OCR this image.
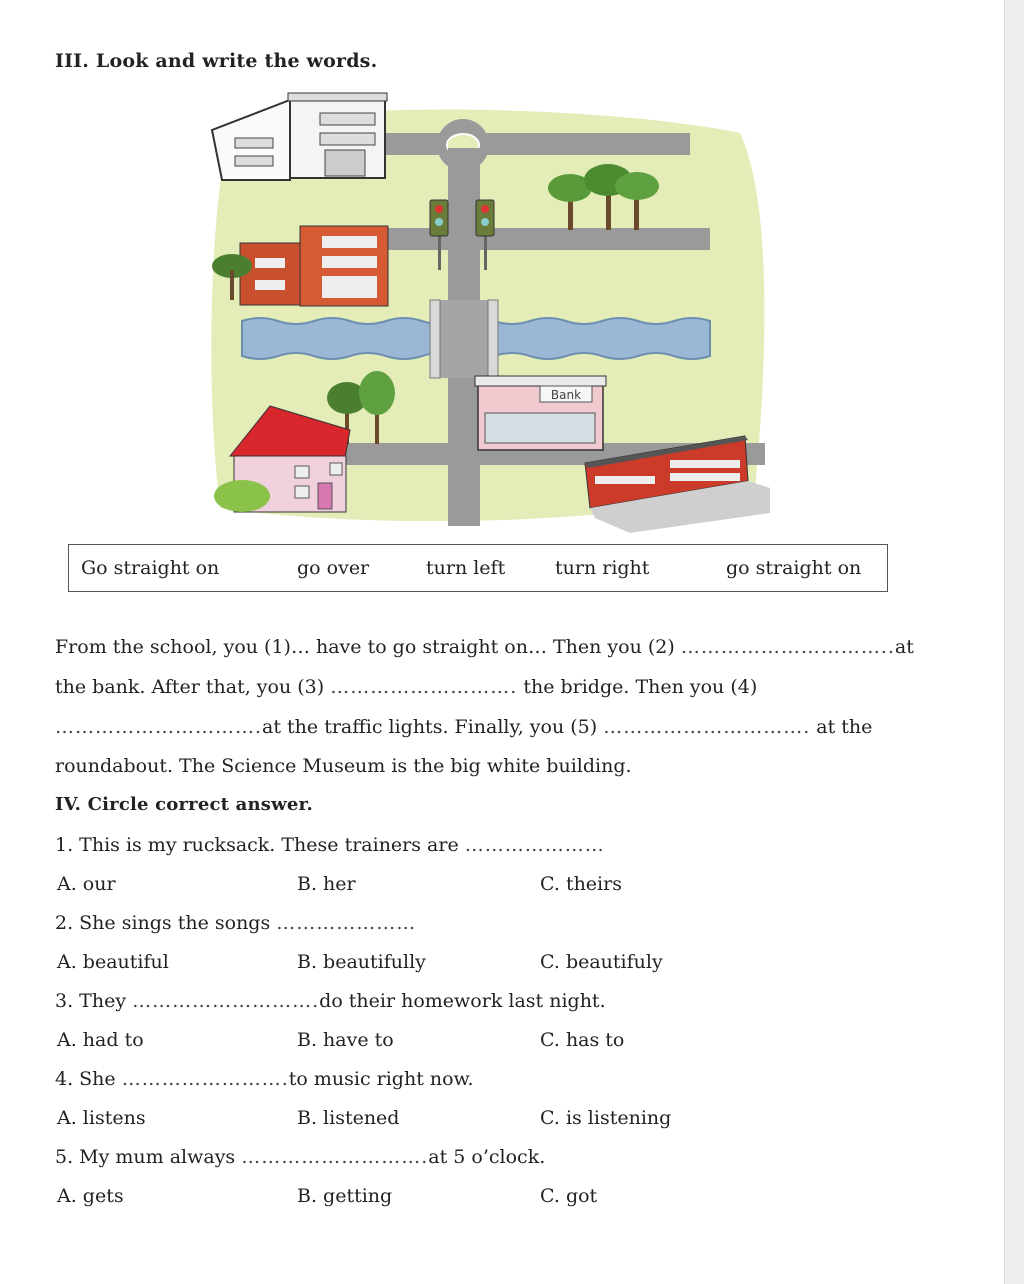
III. Look and write the words.
Bank
Go straight on	go over	turn left	turn right	go straight on
From the school, you (1)… have to go straight on… Then you (2) …………………………..at
the bank. After that, you (3) ………………………. the bridge. Then you (4)
………………………….at the traffic lights. Finally, you (5) …………………………. at the
roundabout. The Science Museum is the big white building.
IV. Circle correct answer.
1. This is my rucksack. These trainers are …………………
A. our	B. her	C. theirs
2. She sings the songs …………………
A. beautiful	B. beautifully	C. beautifuly
3. They ……………………….do their homework last night.
A. had to	B. have to	C. has to
4. She …………………….to music right now.
A. listens	B. listened	C. is listening
5. My mum always ……………………….at 5 o’clock.
A. gets	B. getting	C. got
